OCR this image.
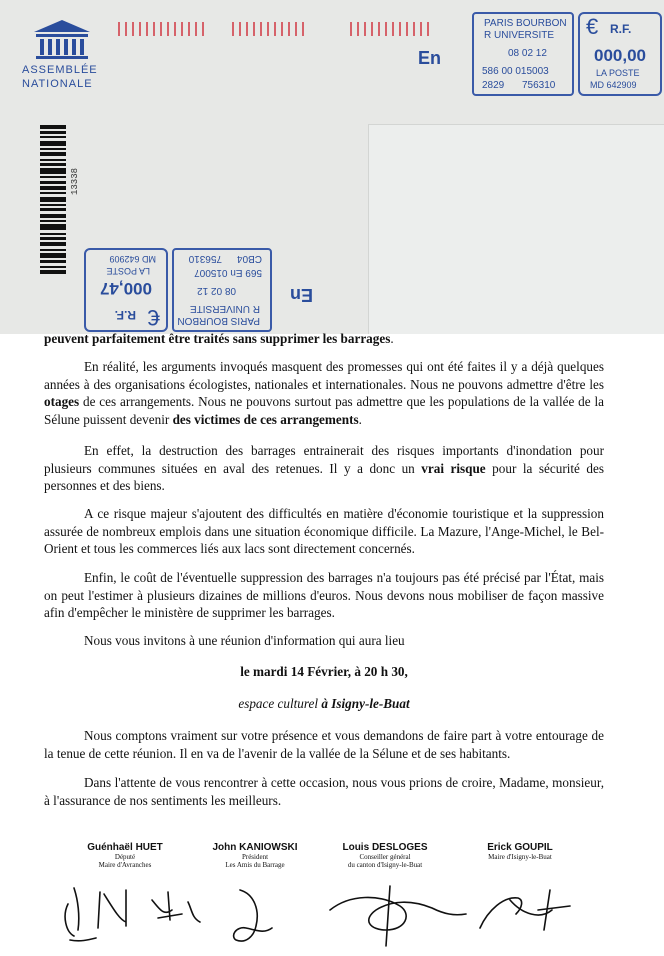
ASSEMBLÉE
NATIONALE
En
PARIS BOURBON
R UNIVERSITE
08 02 12
586 00 015003
2829 756310
€ R.F.
000,00
LA POSTE
MD 642909
13338
€
R.F.
000,47
LA POSTE
MD 642909
PARIS BOURBON
R UNIVERSITE
08 02 12
569 En 015007
CB04
756310
En
peuvent parfaitement être traités sans supprimer les barrages.
En réalité, les arguments invoqués masquent des promesses qui ont été faites il y a déjà quelques années à des organisations écologistes, nationales et internationales. Nous ne pouvons admettre d'être les otages de ces arrangements. Nous ne pouvons surtout pas admettre que les populations de la vallée de la Sélune puissent devenir des victimes de ces arrangements.
En effet, la destruction des barrages entrainerait des risques importants d'inondation pour plusieurs communes situées en aval des retenues. Il y a donc un vrai risque pour la sécurité des personnes et des biens.
A ce risque majeur s'ajoutent des difficultés en matière d'économie touristique et la suppression assurée de nombreux emplois dans une situation économique difficile. La Mazure, l'Ange-Michel, le Bel-Orient et tous les commerces liés aux lacs sont directement concernés.
Enfin, le coût de l'éventuelle suppression des barrages n'a toujours pas été précisé par l'État, mais on peut l'estimer à plusieurs dizaines de millions d'euros. Nous devons nous mobiliser de façon massive afin d'empêcher le ministère de supprimer les barrages.
Nous vous invitons à une réunion d'information qui aura lieu
le mardi 14 Février, à 20 h 30,
espace culturel à Isigny-le-Buat
Nous comptons vraiment sur votre présence et vous demandons de faire part à votre entourage de la tenue de cette réunion. Il en va de l'avenir de la vallée de la Sélune et de ses habitants.
Dans l'attente de vous rencontrer à cette occasion, nous vous prions de croire, Madame, monsieur, à l'assurance de nos sentiments les meilleurs.
Guénhaël HUET
Député
Maire d'Avranches
John KANIOWSKI
Président
Les Amis du Barrage
Louis DESLOGES
Conseiller général
du canton d'Isigny-le-Buat
Erick GOUPIL
Maire d'Isigny-le-Buat
